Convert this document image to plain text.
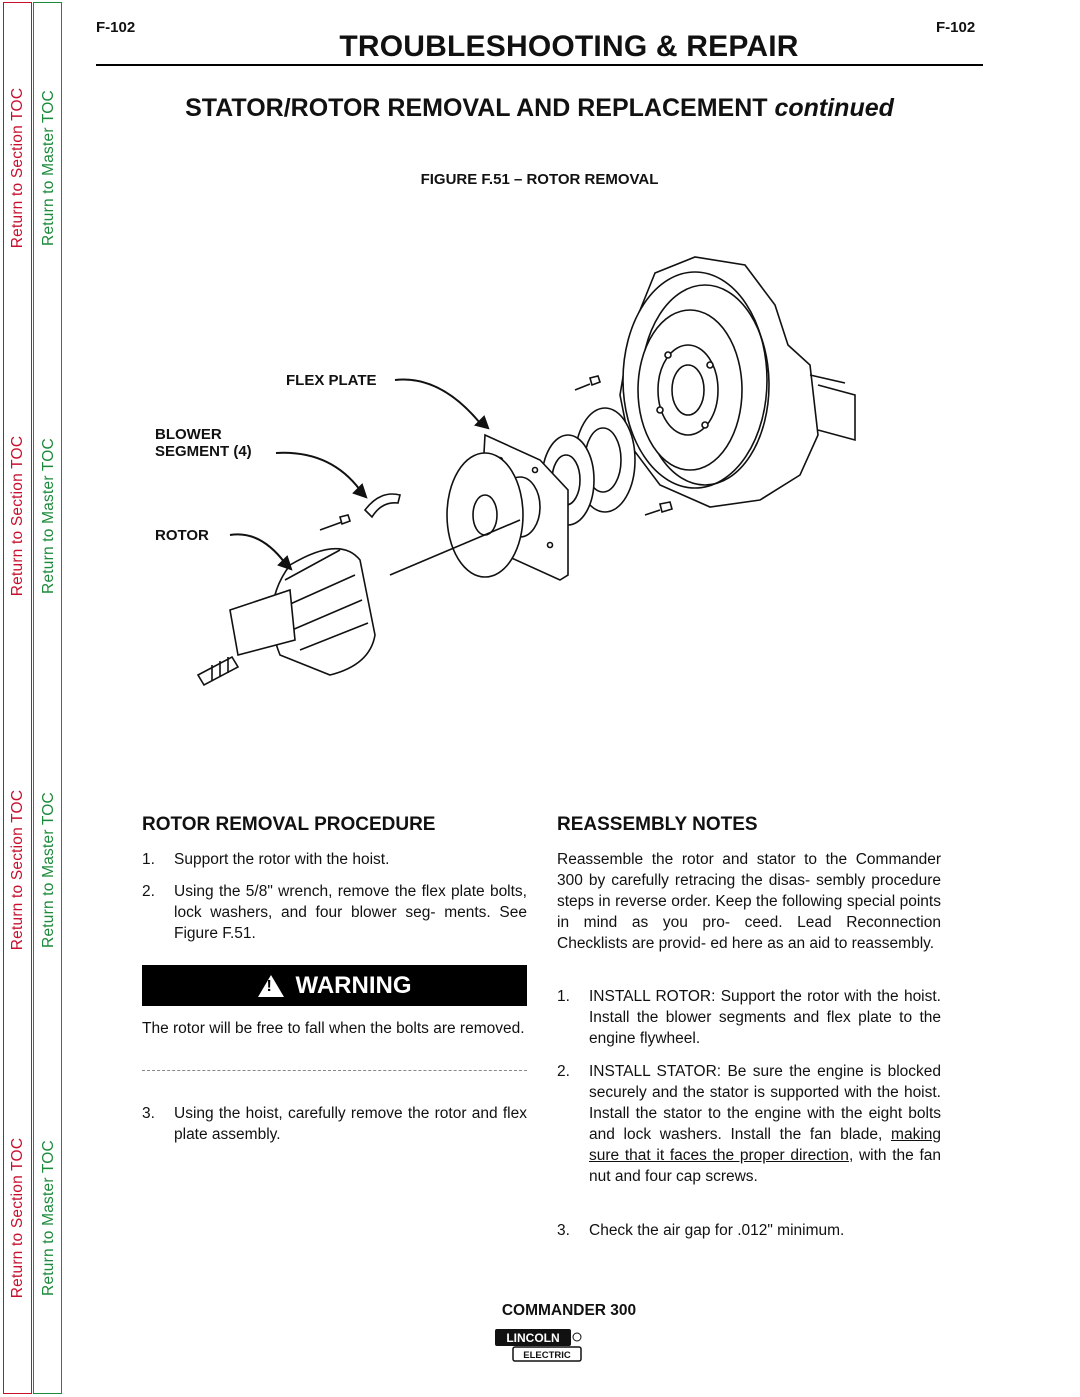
Return to Section TOC
Return to Section TOC
Return to Section TOC
Return to Section TOC
Return to Master TOC
Return to Master TOC
Return to Master TOC
Return to Master TOC
F-102	F-102
TROUBLESHOOTING & REPAIR
STATOR/ROTOR REMOVAL AND REPLACEMENT continued
FIGURE F.51 – ROTOR REMOVAL
FLEX PLATE
BLOWER
SEGMENT (4)
ROTOR
ROTOR REMOVAL PROCEDURE
1. Support the rotor with the hoist.
2. Using the 5/8" wrench, remove the flex plate bolts, lock washers, and four blower seg- ments. See Figure F.51.
!
WARNING
The rotor will be free to fall when the bolts are removed.
3. Using the hoist, carefully remove the rotor and flex plate assembly.
REASSEMBLY NOTES
Reassemble the rotor and stator to the Commander 300 by carefully retracing the disas- sembly procedure steps in reverse order. Keep the following special points in mind as you pro- ceed. Lead Reconnection Checklists are provid- ed here as an aid to reassembly.
1. INSTALL ROTOR: Support the rotor with the hoist. Install the blower segments and flex plate to the engine flywheel.
2. INSTALL STATOR: Be sure the engine is blocked securely and the stator is supported with the hoist. Install the stator to the engine with the eight bolts and lock washers. Install the fan blade, making sure that it faces the proper direction, with the fan nut and four cap screws.
3. Check the air gap for .012" minimum.
COMMANDER 300
LINCOLN
ELECTRIC
